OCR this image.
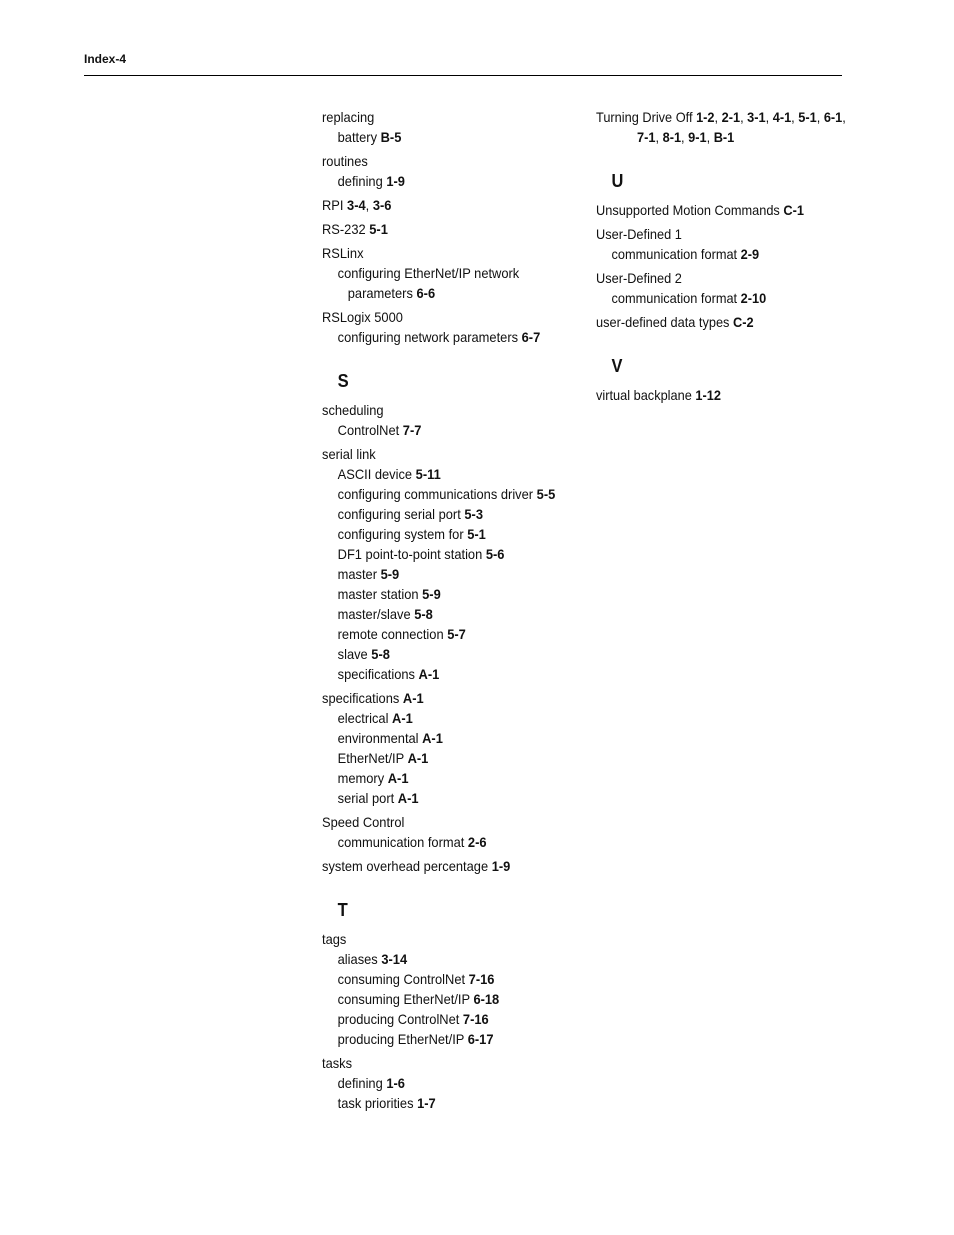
Index-4
replacing
battery B-5
routines
defining 1-9
RPI 3-4, 3-6
RS-232 5-1
RSLinx
configuring EtherNet/IP network
parameters 6-6
RSLogix 5000
configuring network parameters 6-7
S
scheduling
ControlNet 7-7
serial link
ASCII device 5-11
configuring communications driver 5-5
configuring serial port 5-3
configuring system for 5-1
DF1 point-to-point station 5-6
master 5-9
master station 5-9
master/slave 5-8
remote connection 5-7
slave 5-8
specifications A-1
specifications A-1
electrical A-1
environmental A-1
EtherNet/IP A-1
memory A-1
serial port A-1
Speed Control
communication format 2-6
system overhead percentage 1-9
T
tags
aliases 3-14
consuming ControlNet 7-16
consuming EtherNet/IP 6-18
producing ControlNet 7-16
producing EtherNet/IP 6-17
tasks
defining 1-6
task priorities 1-7
Turning Drive Off 1-2, 2-1, 3-1, 4-1, 5-1, 6-1,
7-1, 8-1, 9-1, B-1
U
Unsupported Motion Commands C-1
User-Defined 1
communication format 2-9
User-Defined 2
communication format 2-10
user-defined data types C-2
V
virtual backplane 1-12
